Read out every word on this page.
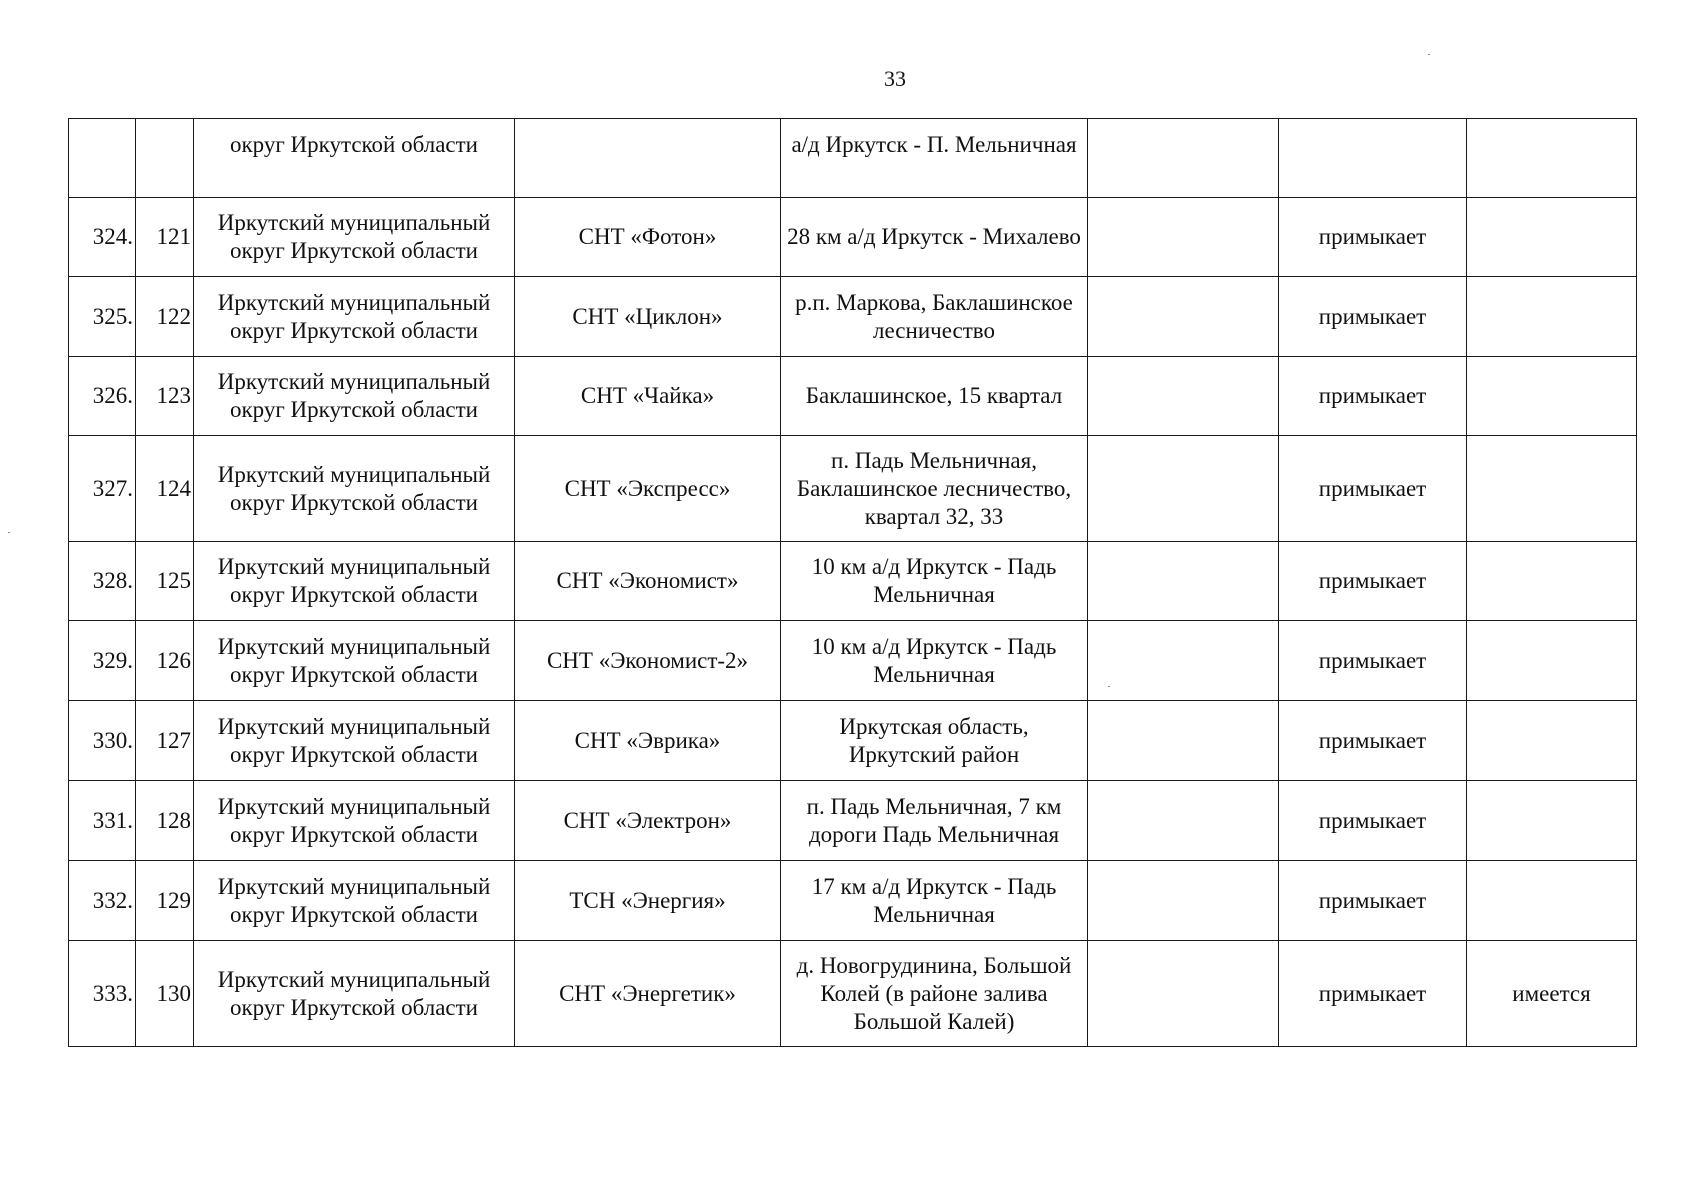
33
		округ Иркутской области		а/д Иркутск - П. Мельничная			
324.	121	Иркутский муниципальный округ Иркутской области	СНТ «Фотон»	28 км а/д Иркутск - Михалево		примыкает	
325.	122	Иркутский муниципальный округ Иркутской области	СНТ «Циклон»	р.п. Маркова, Баклашинское лесничество		примыкает	
326.	123	Иркутский муниципальный округ Иркутской области	СНТ «Чайка»	Баклашинское, 15 квартал		примыкает	
327.	124	Иркутский муниципальный округ Иркутской области	СНТ «Экспресс»	п. Падь Мельничная, Баклашинское лесничество, квартал 32, 33		примыкает	
328.	125	Иркутский муниципальный округ Иркутской области	СНТ «Экономист»	10 км а/д Иркутск - Падь Мельничная		примыкает	
329.	126	Иркутский муниципальный округ Иркутской области	СНТ «Экономист-2»	10 км а/д Иркутск - Падь Мельничная		примыкает	
330.	127	Иркутский муниципальный округ Иркутской области	СНТ «Эврика»	Иркутская область, Иркутский район		примыкает	
331.	128	Иркутский муниципальный округ Иркутской области	СНТ «Электрон»	п. Падь Мельничная, 7 км дороги Падь Мельничная		примыкает	
332.	129	Иркутский муниципальный округ Иркутской области	ТСН «Энергия»	17 км а/д Иркутск - Падь Мельничная		примыкает	
333.	130	Иркутский муниципальный округ Иркутской области	СНТ «Энергетик»	д. Новогрудинина, Большой Колей (в районе залива Большой Калей)		примыкает	имеется
